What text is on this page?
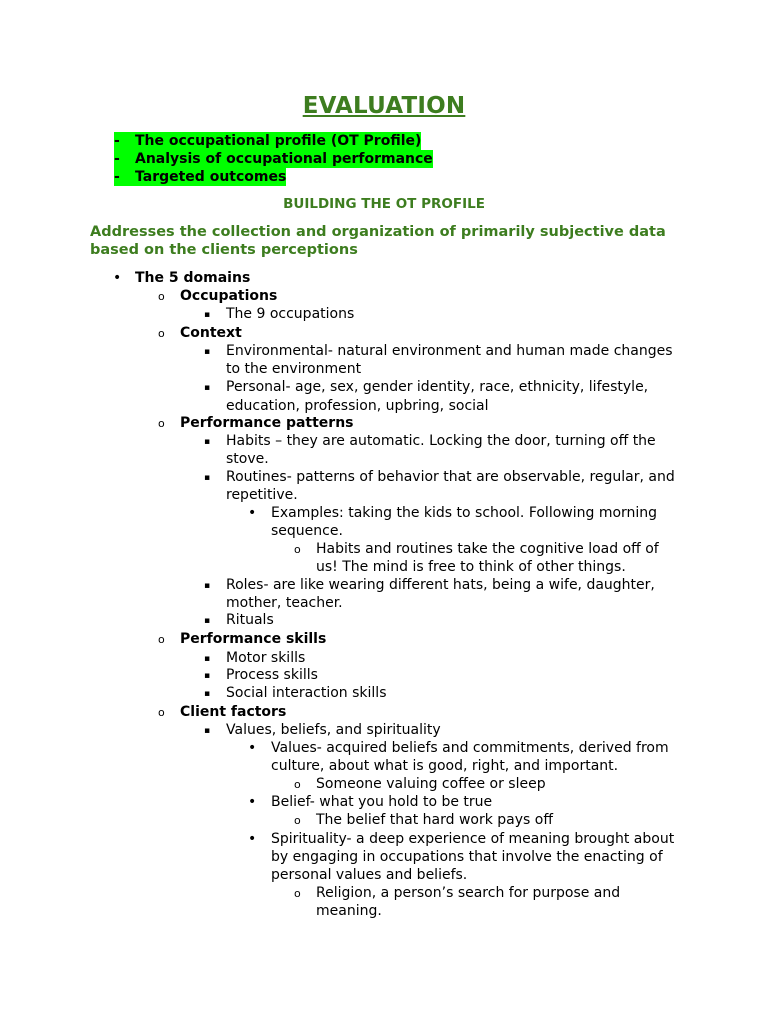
EVALUATION
- The occupational profile (OT Profile)
- Analysis of occupational performance
- Targeted outcomes
BUILDING THE OT PROFILE
Addresses the collection and organization of primarily subjective data based on the clients perceptions
• The 5 domains
o Occupations
▪ The 9 occupations
o Context
▪ Environmental- natural environment and human made changes
to the environment
▪ Personal- age, sex, gender identity, race, ethnicity, lifestyle,
education, profession, upbring, social
o Performance patterns
▪ Habits – they are automatic. Locking the door, turning off the
stove.
▪ Routines- patterns of behavior that are observable, regular, and
repetitive.
• Examples: taking the kids to school. Following morning
sequence.
o Habits and routines take the cognitive load off of
us! The mind is free to think of other things.
▪ Roles- are like wearing different hats, being a wife, daughter,
mother, teacher.
▪ Rituals
o Performance skills
▪ Motor skills
▪ Process skills
▪ Social interaction skills
o Client factors
▪ Values, beliefs, and spirituality
• Values- acquired beliefs and commitments, derived from
culture, about what is good, right, and important.
o Someone valuing coffee or sleep
• Belief- what you hold to be true
o The belief that hard work pays off
• Spirituality- a deep experience of meaning brought about
by engaging in occupations that involve the enacting of
personal values and beliefs.
o Religion, a person’s search for purpose and
meaning.
